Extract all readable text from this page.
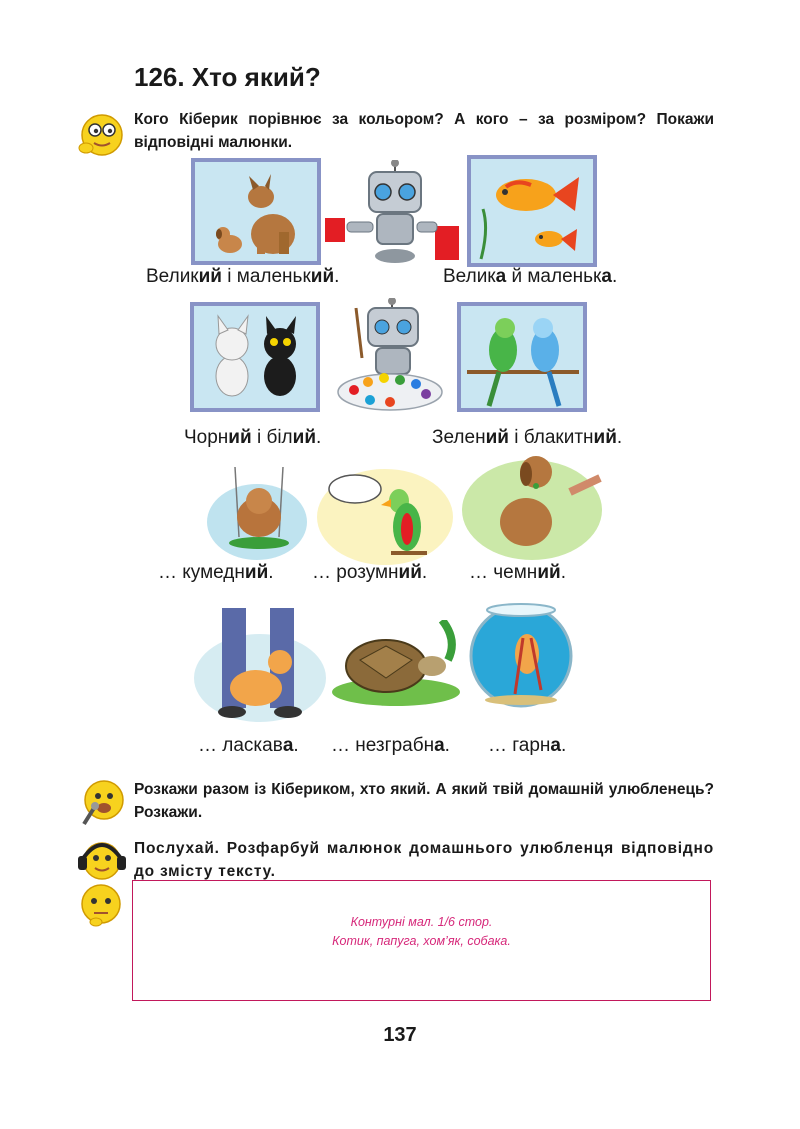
126. Хто який?
Кого Кіберик порівнює за кольором? А кого – за розміром? Покажи відповідні малюнки.
Великий і маленький.	Велика й маленька.
Чорний і білий.	Зелений і блакитний.
… кумедний. … розумний. … чемний.
… ласкава. … незграбна. … гарна.
Розкажи разом із Кібериком, хто який. А який твій домашній улюбленець? Розкажи.
Послухай. Розфарбуй малюнок домашнього улюбленця відповідно до змісту тексту.
Контурні мал. 1/6 стор.
Котик, папуга, хом’як, собака.
137
